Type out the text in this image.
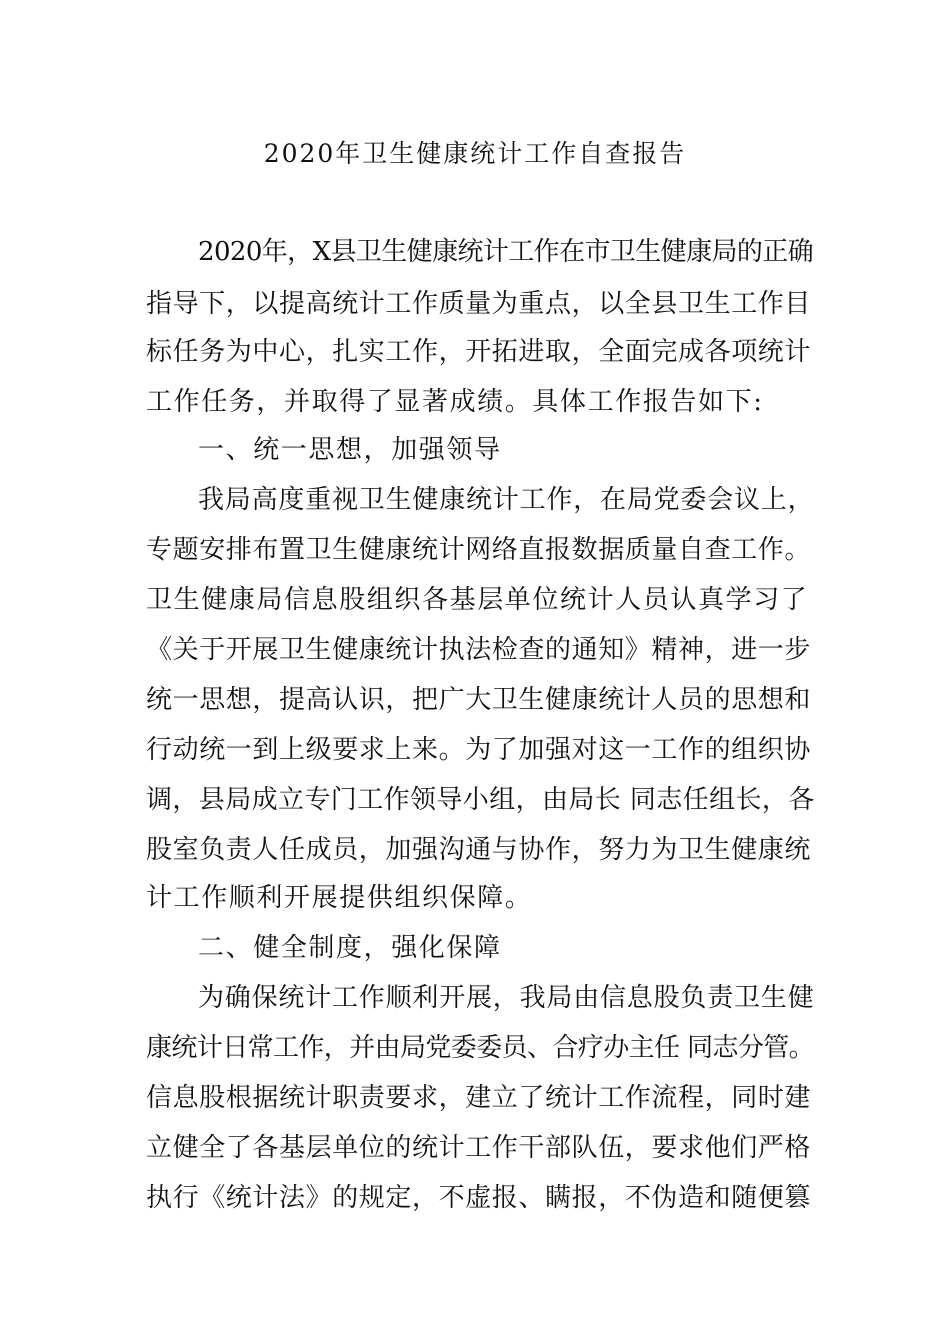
2020年卫生健康统计工作自查报告
2020年，X县卫生健康统计工作在市卫生健康局的正确
指导下，以提高统计工作质量为重点，以全县卫生工作目
标任务为中心，扎实工作，开拓进取，全面完成各项统计
工作任务，并取得了显著成绩。具体工作报告如下:
一、统一思想，加强领导
我局高度重视卫生健康统计工作，在局党委会议上，
专题安排布置卫生健康统计网络直报数据质量自查工作。
卫生健康局信息股组织各基层单位统计人员认真学习了
《关于开展卫生健康统计执法检查的通知》精神，进一步
统一思想，提高认识，把广大卫生健康统计人员的思想和
行动统一到上级要求上来。为了加强对这一工作的组织协
调，县局成立专门工作领导小组，由局长 同志任组长，各
股室负责人任成员，加强沟通与协作，努力为卫生健康统
计工作顺利开展提供组织保障。
二、健全制度，强化保障
为确保统计工作顺利开展，我局由信息股负责卫生健
康统计日常工作，并由局党委委员、合疗办主任 同志分管。
信息股根据统计职责要求，建立了统计工作流程，同时建
立健全了各基层单位的统计工作干部队伍，要求他们严格
执行《统计法》的规定，不虚报、瞒报，不伪造和随便篡
